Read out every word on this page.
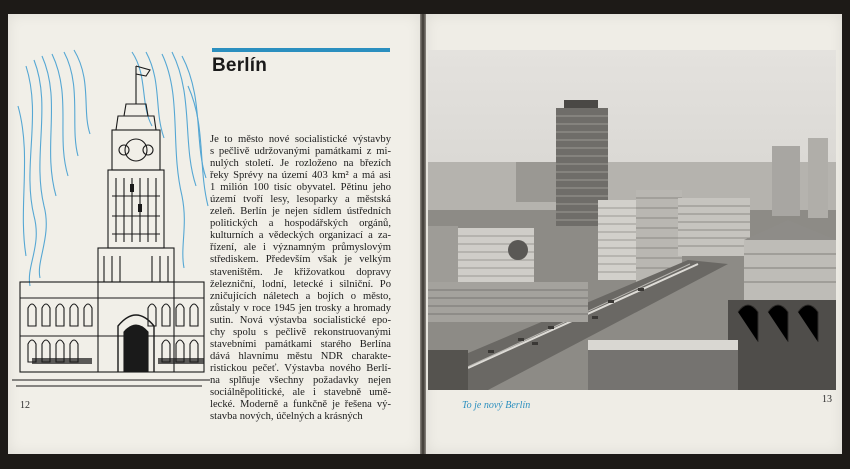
Berlín
Je to město nové socialistické výstavby
s pečlivě udržovanými památkami z mi-
nulých století. Je rozloženo na březích
řeky Sprévy na území 403 km² a má asi
1 milión 100 tisíc obyvatel. Pětinu jeho
území tvoří lesy, lesoparky a městská
zeleň. Berlín je nejen sídlem ústředních
politických a hospodářských orgánů,
kulturních a vědeckých organizací a za-
řízení, ale i významným průmyslovým
střediskem. Především však je velkým
staveništěm. Je křižovatkou dopravy
železniční, lodní, letecké i silniční. Po
zničujících náletech a bojích o město,
zůstaly v roce 1945 jen trosky a hromady
sutin. Nová výstavba socialistické epo-
chy spolu s pečlivě rekonstruovanými
stavebními památkami starého Berlína
dává hlavnímu městu NDR charakte-
ristickou pečeť. Výstavba nového Berlí-
na splňuje všechny požadavky nejen
sociálněpolitické, ale i stavebně umě-
lecké. Moderně a funkčně je řešena vý-
stavba nových, účelných a krásných
12	To je nový Berlín
13
